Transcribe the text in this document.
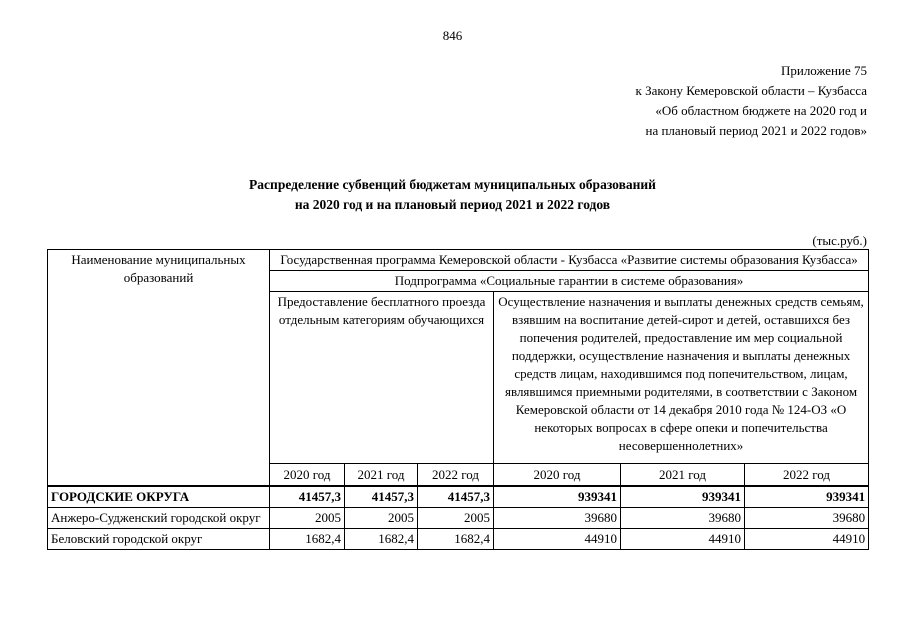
846
Приложение 75
к Закону Кемеровской области – Кузбасса
«Об областном бюджете на 2020 год и
на плановый период 2021 и 2022 годов»
Распределение субвенций бюджетам муниципальных образований
на 2020 год и на плановый период 2021 и 2022 годов
(тыс.руб.)
Наименование муниципальных образований	Государственная программа Кемеровской области - Кузбасса «Развитие системы образования Кузбасса»					
	Подпрограмма «Социальные гарантии в системе образования»					
	Предоставление бесплатного проезда отдельным категориям обучающихся			Осуществление назначения и выплаты денежных средств семьям, взявшим на воспитание детей-сирот и детей, оставшихся без попечения родителей, предоставление им мер социальной поддержки, осуществление назначения и выплаты денежных средств лицам, находившимся под попечительством, лицам, являвшимся приемными родителями, в соответствии с Законом Кемеровской области от 14 декабря 2010 года № 124-ОЗ «О некоторых вопросах в сфере опеки и попечительства несовершеннолетних»		
	2020 год	2021 год	2022 год	2020 год	2021 год	2022 год
ГОРОДСКИЕ ОКРУГА	41457,3	41457,3	41457,3	939341	939341	939341
Анжеро-Судженский городской округ	2005	2005	2005	39680	39680	39680
Беловский городской округ	1682,4	1682,4	1682,4	44910	44910	44910
